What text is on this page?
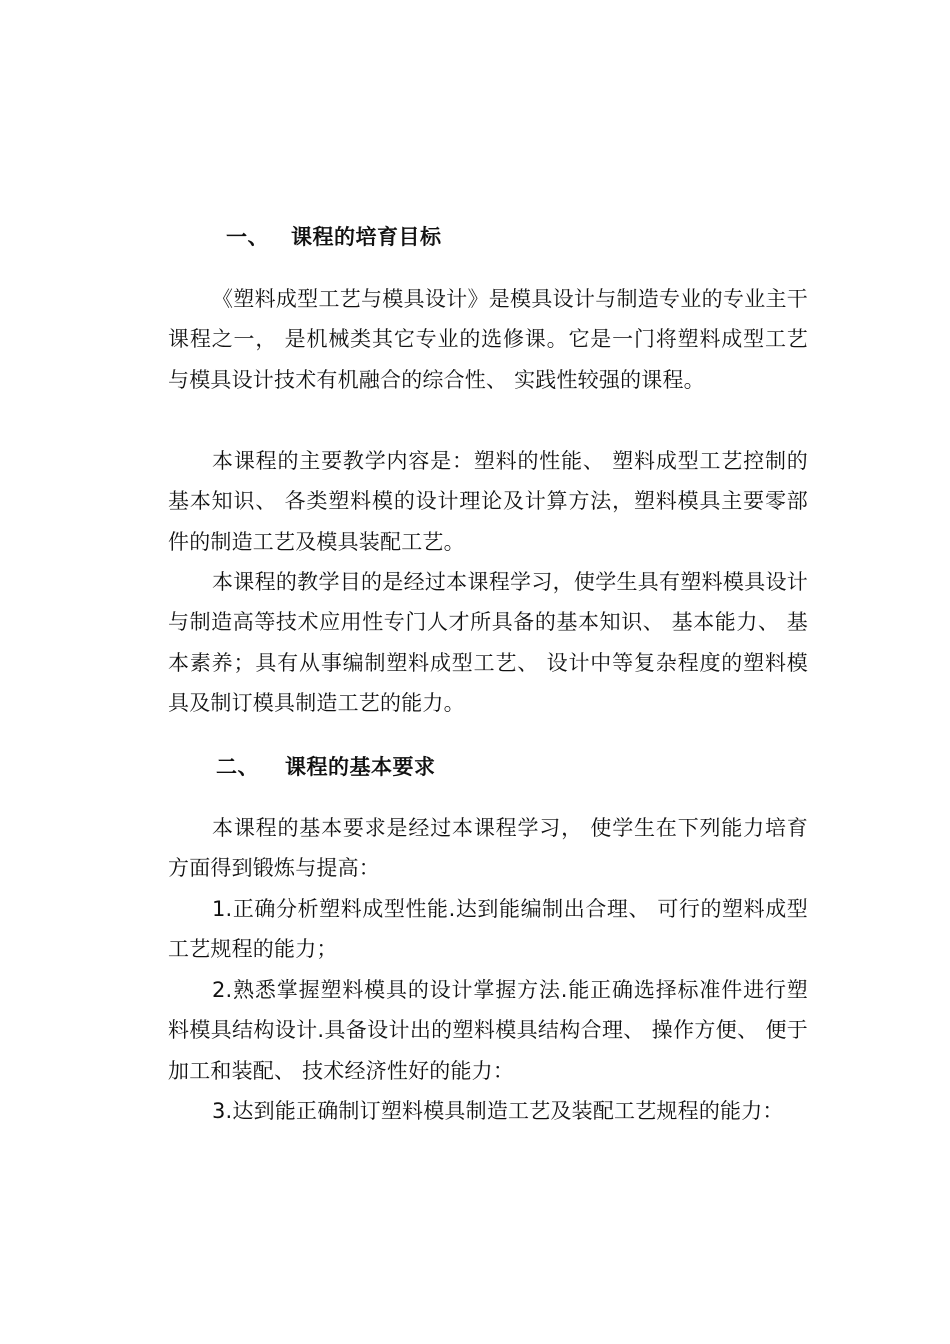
一、 课程的培育目标

《塑料成型工艺与模具设计》是模具设计与制造专业的专业主干课程之一， 是机械类其它专业的选修课。它是一门将塑料成型工艺与模具设计技术有机融合的综合性、 实践性较强的课程。

本课程的主要教学内容是：塑料的性能、 塑料成型工艺控制的基本知识、 各类塑料模的设计理论及计算方法，塑料模具主要零部件的制造工艺及模具装配工艺。

本课程的教学目的是经过本课程学习，使学生具有塑料模具设计与制造高等技术应用性专门人才所具备的基本知识、 基本能力、 基本素养；具有从事编制塑料成型工艺、 设计中等复杂程度的塑料模具及制订模具制造工艺的能力。

二、 课程的基本要求

本课程的基本要求是经过本课程学习， 使学生在下列能力培育方面得到锻炼与提高：

1.正确分析塑料成型性能.达到能编制出合理、 可行的塑料成型工艺规程的能力；

2.熟悉掌握塑料模具的设计掌握方法.能正确选择标准件进行塑料模具结构设计.具备设计出的塑料模具结构合理、 操作方便、 便于加工和装配、 技术经济性好的能力：

3.达到能正确制订塑料模具制造工艺及装配工艺规程的能力：
